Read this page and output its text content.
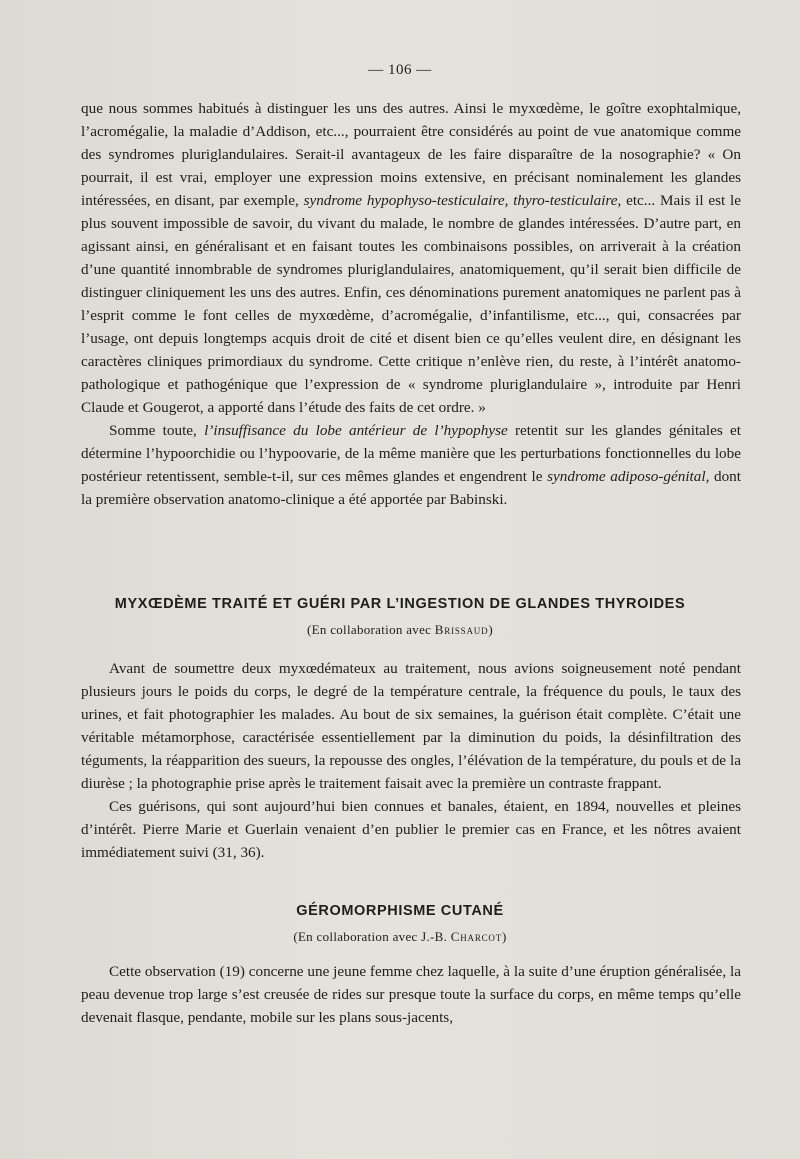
— 106 —

que nous sommes habitués à distinguer les uns des autres. Ainsi le myxœdème, le goître exophtalmique, l’acromégalie, la maladie d’Addison, etc..., pourraient être considérés au point de vue anatomique comme des syndromes pluriglandulaires. Serait-il avantageux de les faire disparaître de la nosographie? « On pourrait, il est vrai, employer une expression moins extensive, en précisant nominalement les glandes intéressées, en disant, par exemple, syndrome hypophyso-testiculaire, thyro-testiculaire, etc... Mais il est le plus souvent impossible de savoir, du vivant du malade, le nombre de glandes intéressées. D’autre part, en agissant ainsi, en généralisant et en faisant toutes les combinaisons possibles, on arriverait à la création d’une quantité innombrable de syndromes pluriglandulaires, anatomiquement, qu’il serait bien difficile de distinguer cliniquement les uns des autres. Enfin, ces dénominations purement anatomiques ne parlent pas à l’esprit comme le font celles de myxœdème, d’acromégalie, d’infantilisme, etc..., qui, consacrées par l’usage, ont depuis longtemps acquis droit de cité et disent bien ce qu’elles veulent dire, en désignant les caractères cliniques primordiaux du syndrome. Cette critique n’enlève rien, du reste, à l’intérêt anatomo-pathologique et pathogénique que l’expression de « syndrome pluriglandulaire », introduite par Henri Claude et Gougerot, a apporté dans l’étude des faits de cet ordre. »

Somme toute, l’insuffisance du lobe antérieur de l’hypophyse retentit sur les glandes génitales et détermine l’hypoorchidie ou l’hypoovarie, de la même manière que les perturbations fonctionnelles du lobe postérieur retentissent, semble-t-il, sur ces mêmes glandes et engendrent le syndrome adiposo-génital, dont la première observation anatomo-clinique a été apportée par Babinski.

MYXŒDÈME TRAITÉ ET GUÉRI PAR L’INGESTION DE GLANDES THYROIDES
(En collaboration avec Brissaud)

Avant de soumettre deux myxœdémateux au traitement, nous avions soigneusement noté pendant plusieurs jours le poids du corps, le degré de la température centrale, la fréquence du pouls, le taux des urines, et fait photographier les malades. Au bout de six semaines, la guérison était complète. C’était une véritable métamorphose, caractérisée essentiellement par la diminution du poids, la désinfiltration des téguments, la réapparition des sueurs, la repousse des ongles, l’élévation de la température, du pouls et de la diurèse ; la photographie prise après le traitement faisait avec la première un contraste frappant.

Ces guérisons, qui sont aujourd’hui bien connues et banales, étaient, en 1894, nouvelles et pleines d’intérêt. Pierre Marie et Guerlain venaient d’en publier le premier cas en France, et les nôtres avaient immédiatement suivi (31, 36).

GÉROMORPHISME CUTANÉ
(En collaboration avec J.-B. Charcot)

Cette observation (19) concerne une jeune femme chez laquelle, à la suite d’une éruption généralisée, la peau devenue trop large s’est creusée de rides sur presque toute la surface du corps, en même temps qu’elle devenait flasque, pendante, mobile sur les plans sous-jacents,
